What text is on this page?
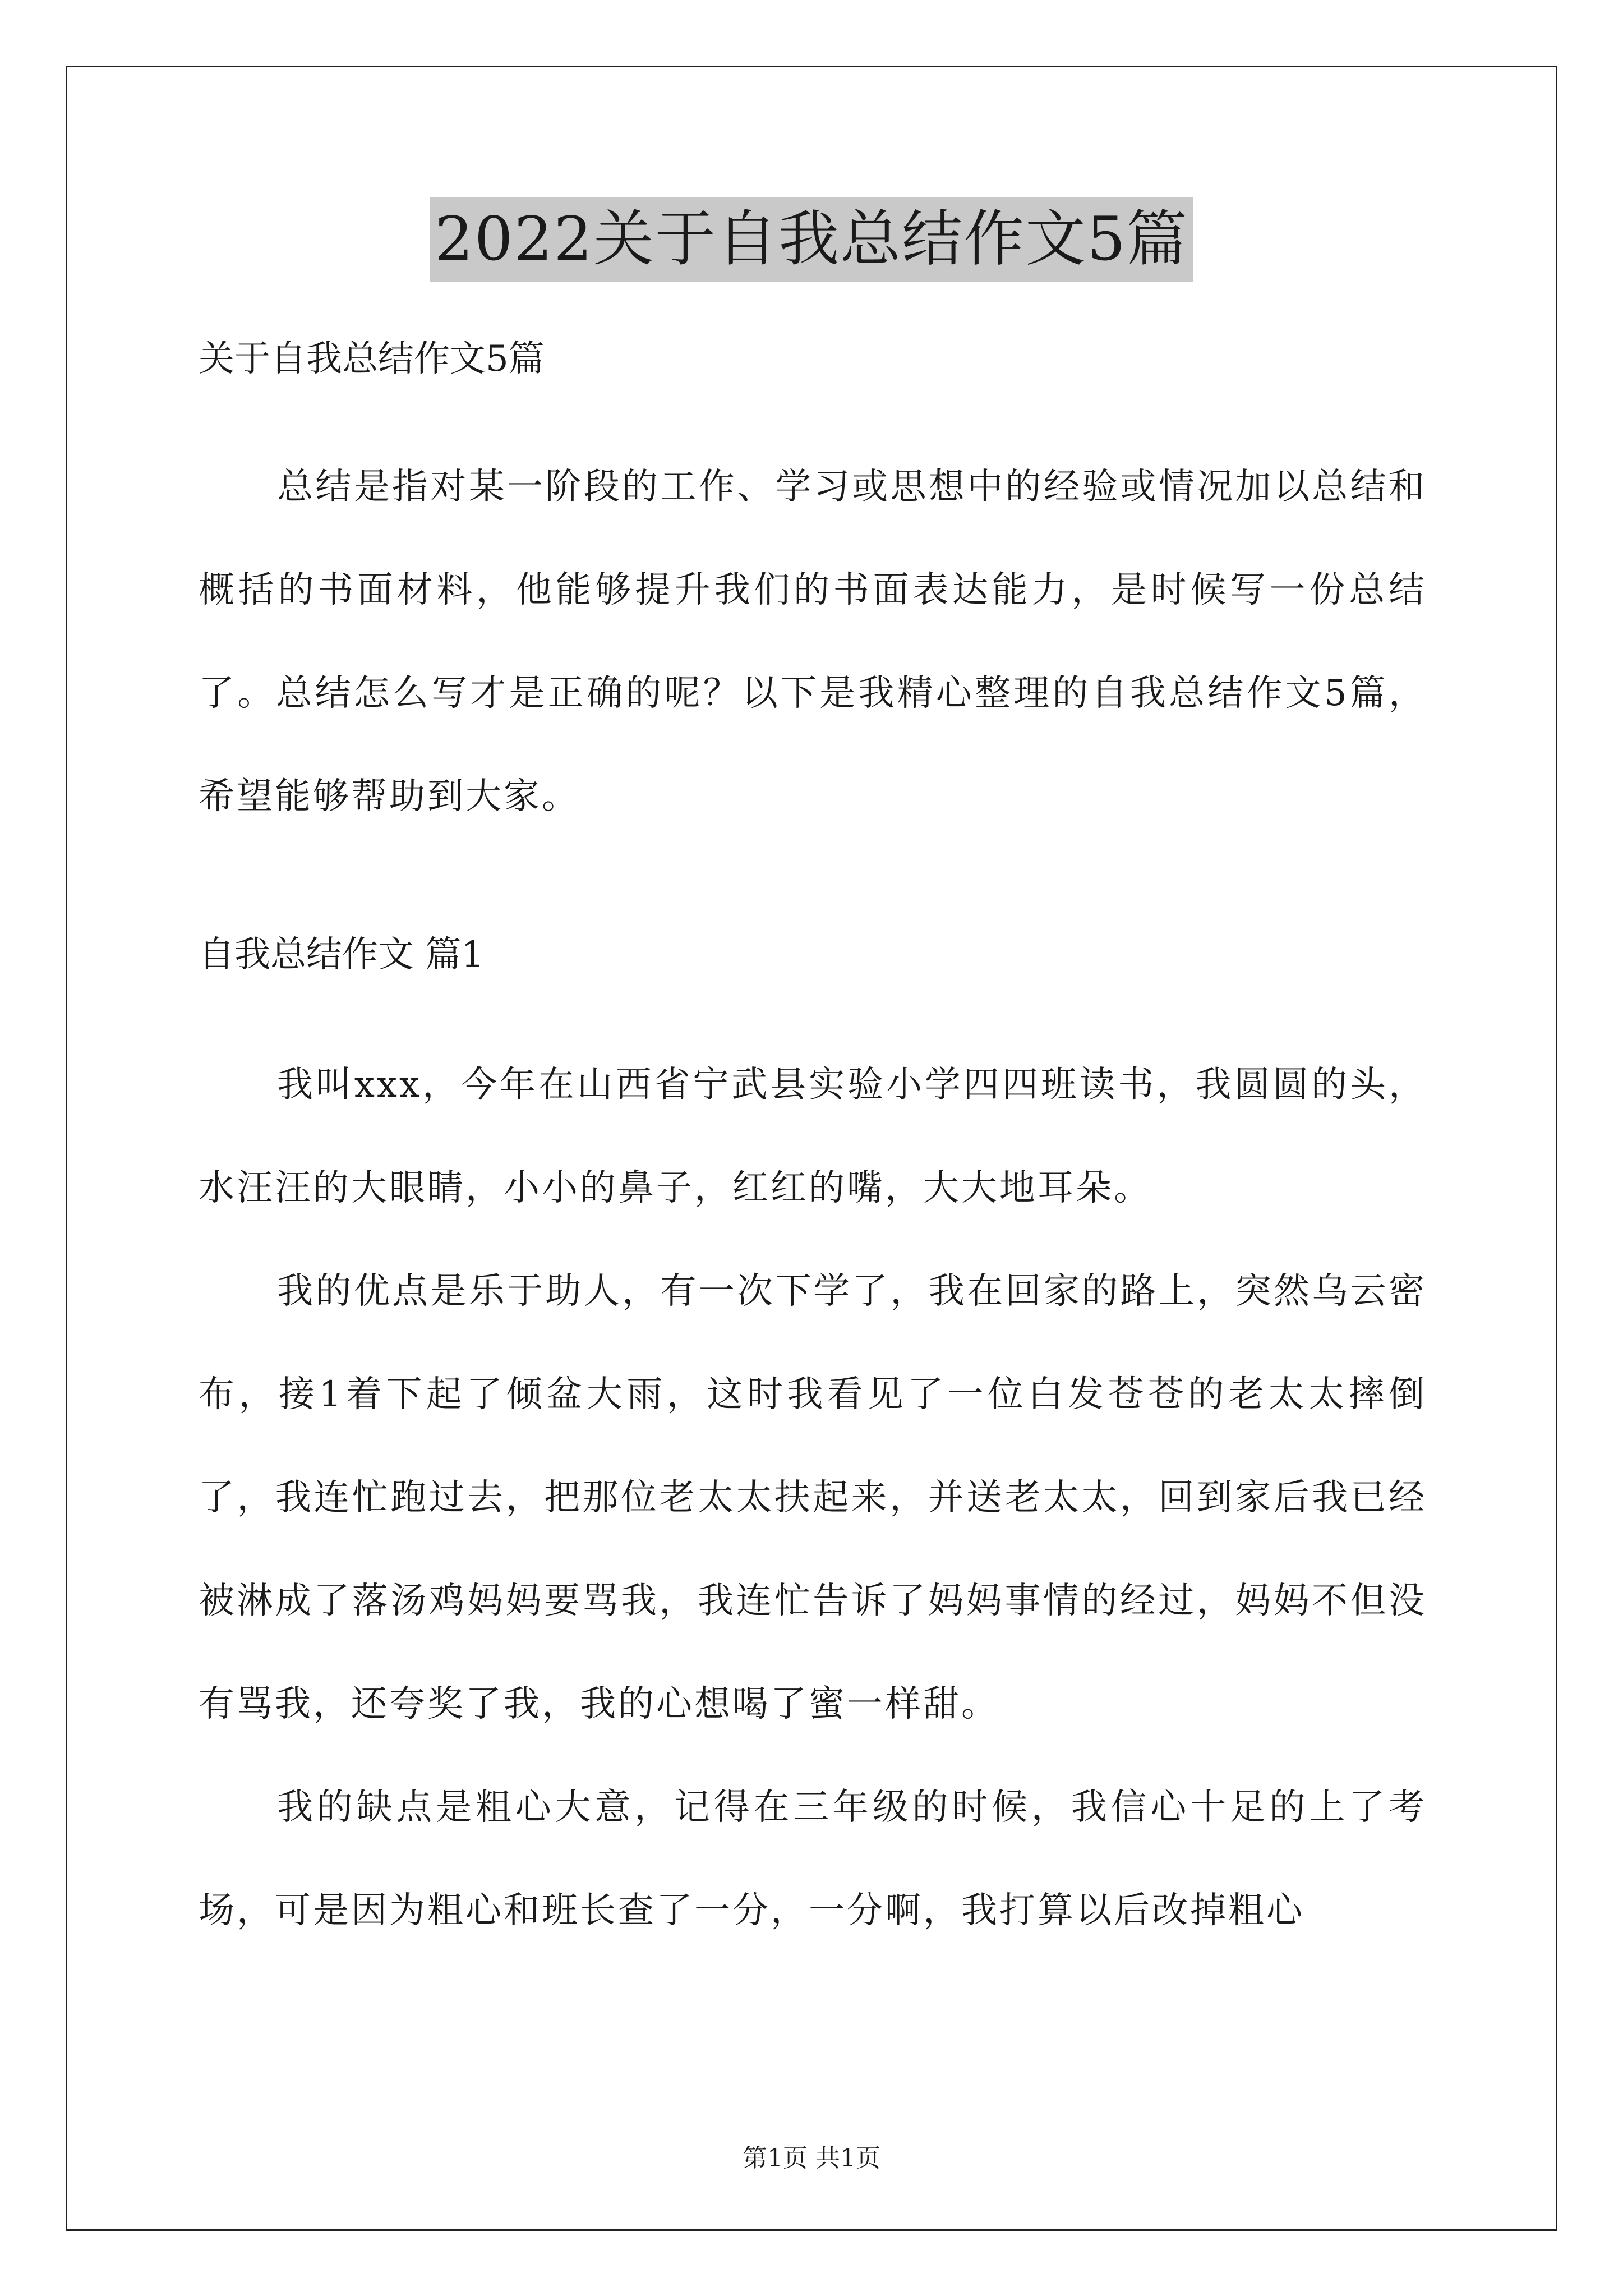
2022关于自我总结作文5篇

关于自我总结作文5篇

总结是指对某一阶段的工作、学习或思想中的经验或情况加以总结和概括的书面材料，他能够提升我们的书面表达能力，是时候写一份总结了。总结怎么写才是正确的呢？以下是我精心整理的自我总结作文5篇，希望能够帮助到大家。

自我总结作文 篇1

我叫xxx，今年在山西省宁武县实验小学四四班读书，我圆圆的头，水汪汪的大眼睛，小小的鼻子，红红的嘴，大大地耳朵。

我的优点是乐于助人，有一次下学了，我在回家的路上，突然乌云密布，接1着下起了倾盆大雨，这时我看见了一位白发苍苍的老太太摔倒了，我连忙跑过去，把那位老太太扶起来，并送老太太，回到家后我已经被淋成了落汤鸡妈妈要骂我，我连忙告诉了妈妈事情的经过，妈妈不但没有骂我，还夸奖了我，我的心想喝了蜜一样甜。

我的缺点是粗心大意，记得在三年级的时候，我信心十足的上了考场，可是因为粗心和班长查了一分，一分啊，我打算以后改掉粗心

第1页 共1页
